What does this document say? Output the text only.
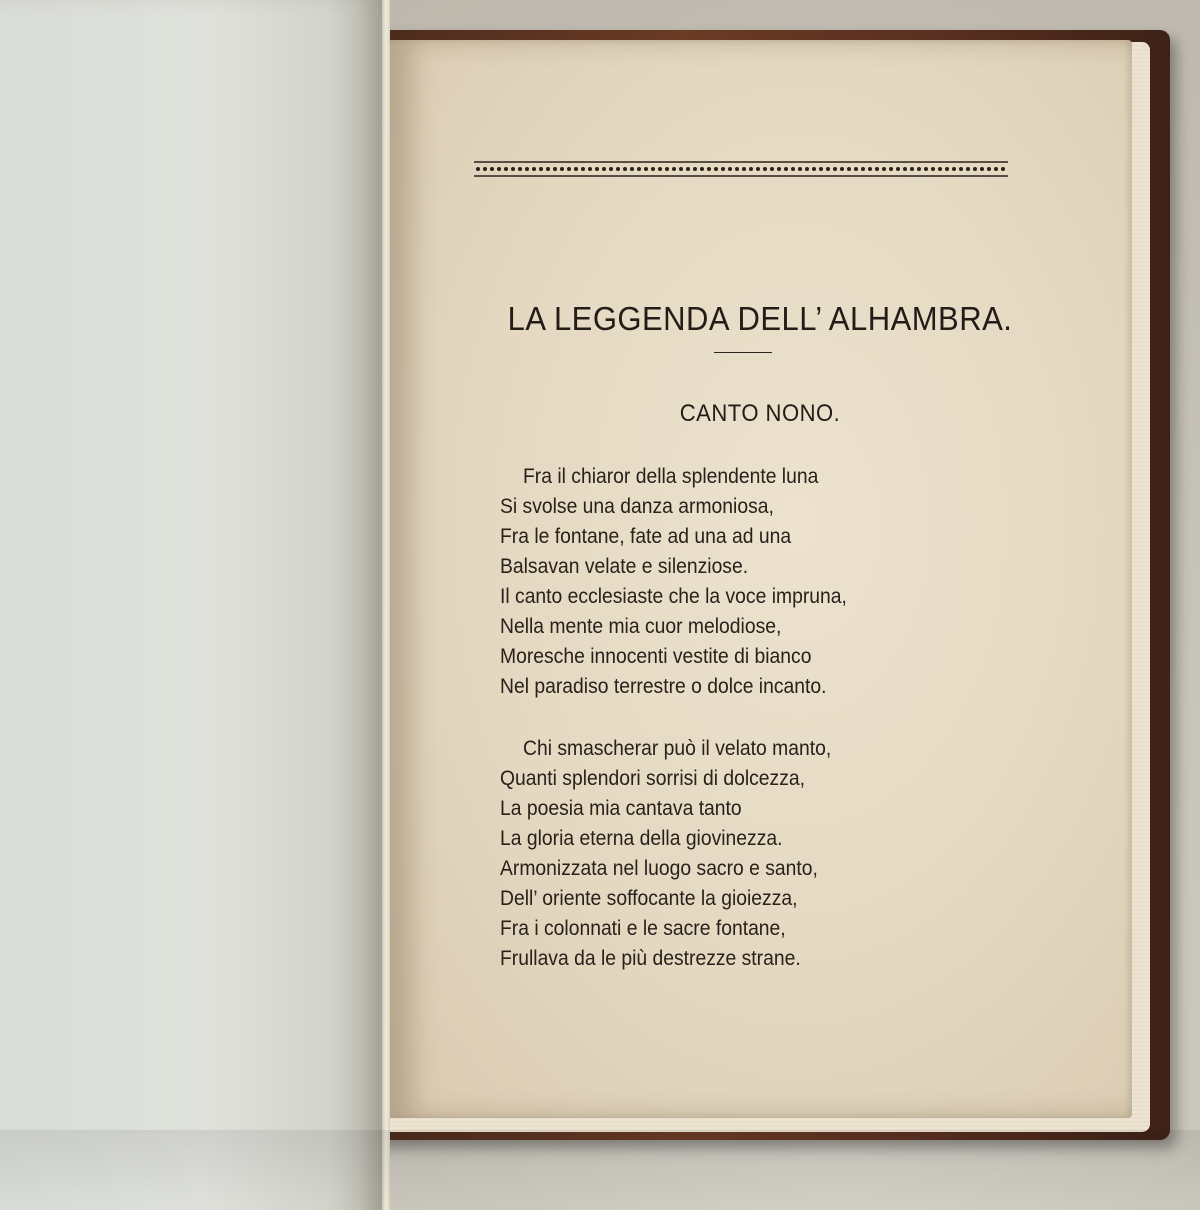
LA LEGGENDA DELL’ ALHAMBRA.
CANTO NONO.
Fra il chiaror della splendente luna
Si svolse una danza armoniosa,
Fra le fontane, fate ad una ad una
Balsavan velate e silenziose.
Il canto ecclesiaste che la voce impruna,
Nella mente mia cuor melodiose,
Moresche innocenti vestite di bianco
Nel paradiso terrestre o dolce incanto.
Chi smascherar può il velato manto,
Quanti splendori sorrisi di dolcezza,
La poesia mia cantava tanto
La gloria eterna della giovinezza.
Armonizzata nel luogo sacro e santo,
Dell’ oriente soffocante la gioiezza,
Fra i colonnati e le sacre fontane,
Frullava da le più destrezze strane.
